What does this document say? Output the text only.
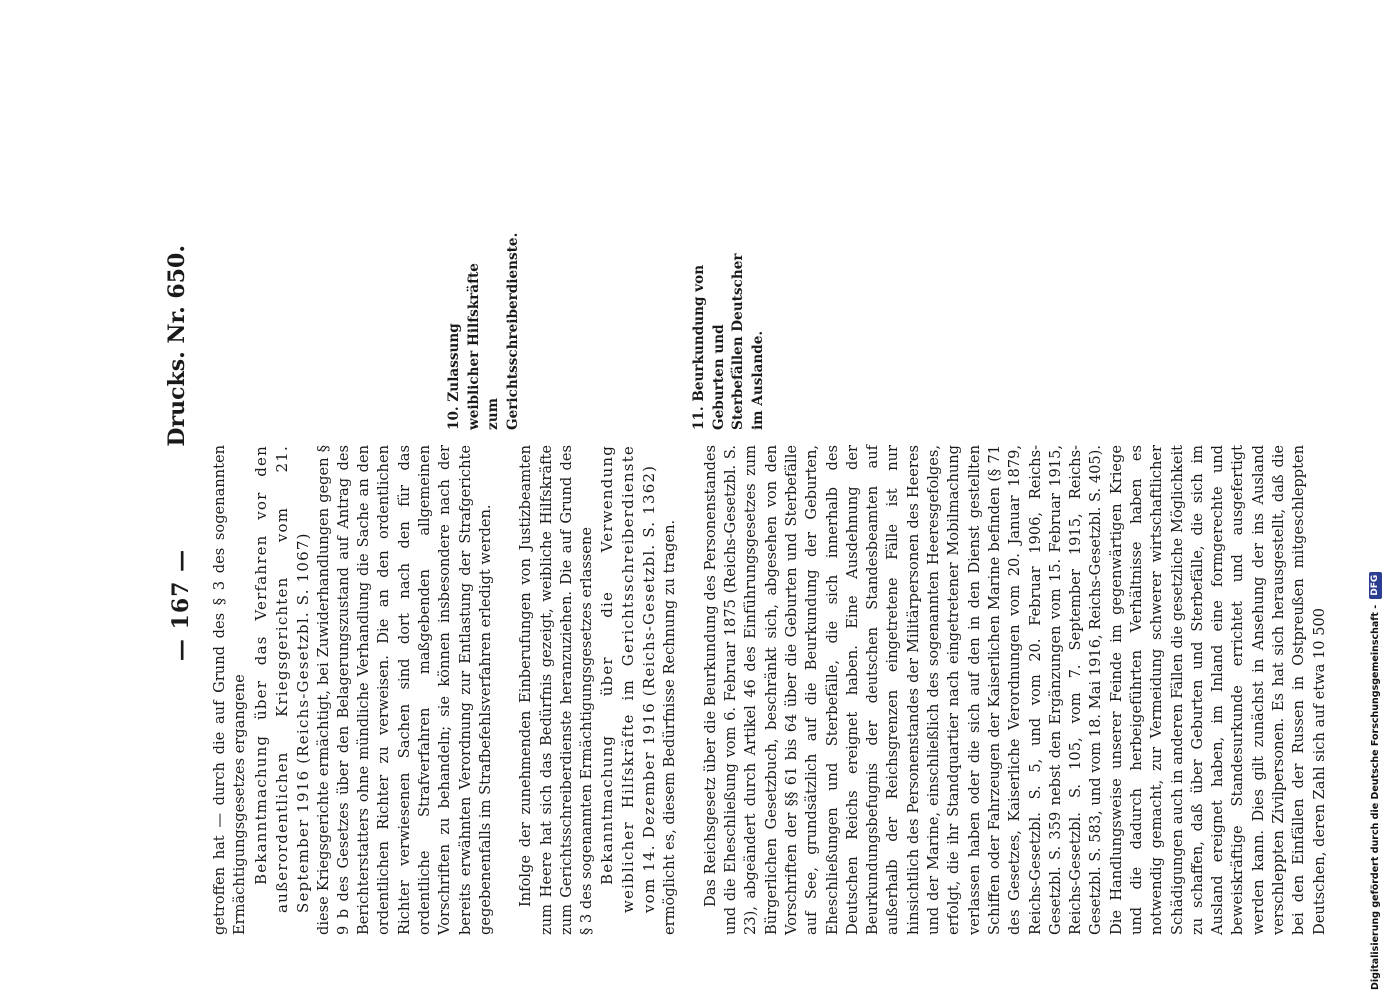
— 167 —
Drucks. Nr. 650.

getroffen hat — durch die auf Grund des § 3 des sogenannten Ermächtigungsgesetzes ergangene Bekanntmachung über das Verfahren vor den außerordentlichen Kriegsgerichten vom 21. September 1916 (Reichs-Gesetzbl. S. 1067) diese Kriegsgerichte ermächtigt, bei Zuwiderhandlungen gegen § 9 b des Gesetzes über den Belagerungszustand auf Antrag des Berichterstatters ohne mündliche Verhandlung die Sache an den ordentlichen Richter zu verweisen. Die an den ordentlichen Richter verwiesenen Sachen sind dort nach den für das ordentliche Strafverfahren maßgebenden allgemeinen Vorschriften zu behandeln; sie können insbesondere nach der bereits erwähnten Verordnung zur Entlastung der Strafgerichte gegebenenfalls im Strafbefehlsverfahren erledigt werden. Infolge der zunehmenden Einberufungen von Justizbeamten zum Heere hat sich das Bedürfnis gezeigt, weibliche Hilfskräfte zum Gerichtsschreiberdienste heranzuziehen. Die auf Grund des § 3 des sogenannten Ermächtigungsgesetzes erlassene Bekanntmachung über die Verwendung weiblicher Hilfskräfte im Gerichtsschreiberdienste vom 14. Dezember 1916 (Reichs-Gesetzbl. S. 1362) ermöglicht es, diesem Bedürfnisse Rechnung zu tragen. Das Reichsgesetz über die Beurkundung des Personenstandes und die Eheschließung vom 6. Februar 1875 (Reichs-Gesetzbl. S. 23), abgeändert durch Artikel 46 des Einführungsgesetzes zum Bürgerlichen Gesetzbuch, beschränkt sich, abgesehen von den Vorschriften der §§ 61 bis 64 über die Geburten und Sterbefälle auf See, grundsätzlich auf die Beurkundung der Geburten, Eheschließungen und Sterbefälle, die sich innerhalb des Deutschen Reichs ereignet haben. Eine Ausdehnung der Beurkundungsbefugnis der deutschen Standesbeamten auf außerhalb der Reichsgrenzen eingetretene Fälle ist nur hinsichtlich des Personenstandes der Militärpersonen des Heeres und der Marine, einschließlich des sogenannten Heeresgefolges, erfolgt, die ihr Standquartier nach eingetretener Mobilmachung verlassen haben oder die sich auf den in den Dienst gestellten Schiffen oder Fahrzeugen der Kaiserlichen Marine befinden (§ 71 des Gesetzes, Kaiserliche Verordnungen vom 20. Januar 1879, Reichs-Gesetzbl. S. 5, und vom 20. Februar 1906, Reichs-Gesetzbl. S. 359 nebst den Ergänzungen vom 15. Februar 1915, Reichs-Gesetzbl. S. 105, vom 7. September 1915, Reichs-Gesetzbl. S. 583, und vom 18. Mai 1916, Reichs-Gesetzbl. S. 405). Die Handlungsweise unserer Feinde im gegenwärtigen Kriege und die dadurch herbeigeführten Verhältnisse haben es notwendig gemacht, zur Vermeidung schwerer wirtschaftlicher Schädigungen auch in anderen Fällen die gesetzliche Möglichkeit zu schaffen, daß über Geburten und Sterbefälle, die sich im Ausland ereignet haben, im Inland eine formgerechte und beweiskräftige Standesurkunde errichtet und ausgefertigt werden kann. Dies gilt zunächst in Ansehung der ins Ausland verschleppten Zivilpersonen. Es hat sich herausgestellt, daß die bei den Einfällen der Russen in Ostpreußen mitgeschleppten Deutschen, deren Zahl sich auf etwa 10 500

10. Zulassung weiblicher Hilfskräfte zum Gerichtsschreiberdienste.	11. Beurkundung von Geburten und Sterbefällen Deutscher im Auslande.
Digitalisierung gefördert durch die Deutsche Forschungsgemeinschaft -
DFG
